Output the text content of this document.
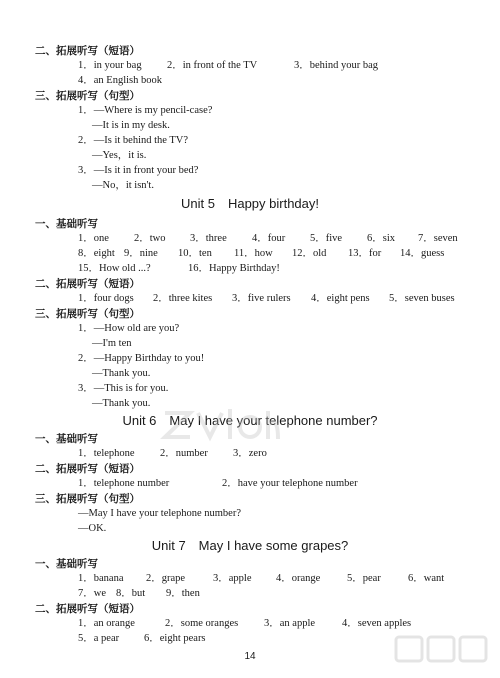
二、拓展听写（短语）
1．in your bag 2．in front of the TV	3．behind your bag
4．an English book
三、拓展听写（句型）
1．—Where is my pencil-case?
—It is in my desk.
2．—Is it behind the TV?
—Yes，it is.
3．—Is it in front your bed?
—No，it isn't.
Unit 5　Happy birthday!
一、基础听写
1．one 2．two 3．three 4．four 5．five 6．six 7．seven
8．eight 9．nine 10．ten 11．how 12．old 13．for 14．guess
15．How old ...?	16．Happy Birthday!
二、拓展听写（短语）
1．four dogs 2．three kites 3．five rulers 4．eight pens 5．seven buses
三、拓展听写（句型）
1．—How old are you?
—I'm ten
2．—Happy Birthday to you!
—Thank you.
3．—This is for you.
—Thank you.
Unit 6　May I have your telephone number?
一、基础听写
1．telephone 2．number 3．zero
二、拓展听写（短语）
1．telephone number	2．have your telephone number
三、拓展听写（句型）
—May I have your telephone number?
—OK.
Unit 7　May I have some grapes?
一、基础听写
1．banana 2．grape	3．apple 4．orange	5．pear	6．want
7．we 8．but 9．then
二、拓展听写（短语）
1．an orange	2．some oranges 3．an apple	4．seven apples
5．a pear 6．eight pears
14
